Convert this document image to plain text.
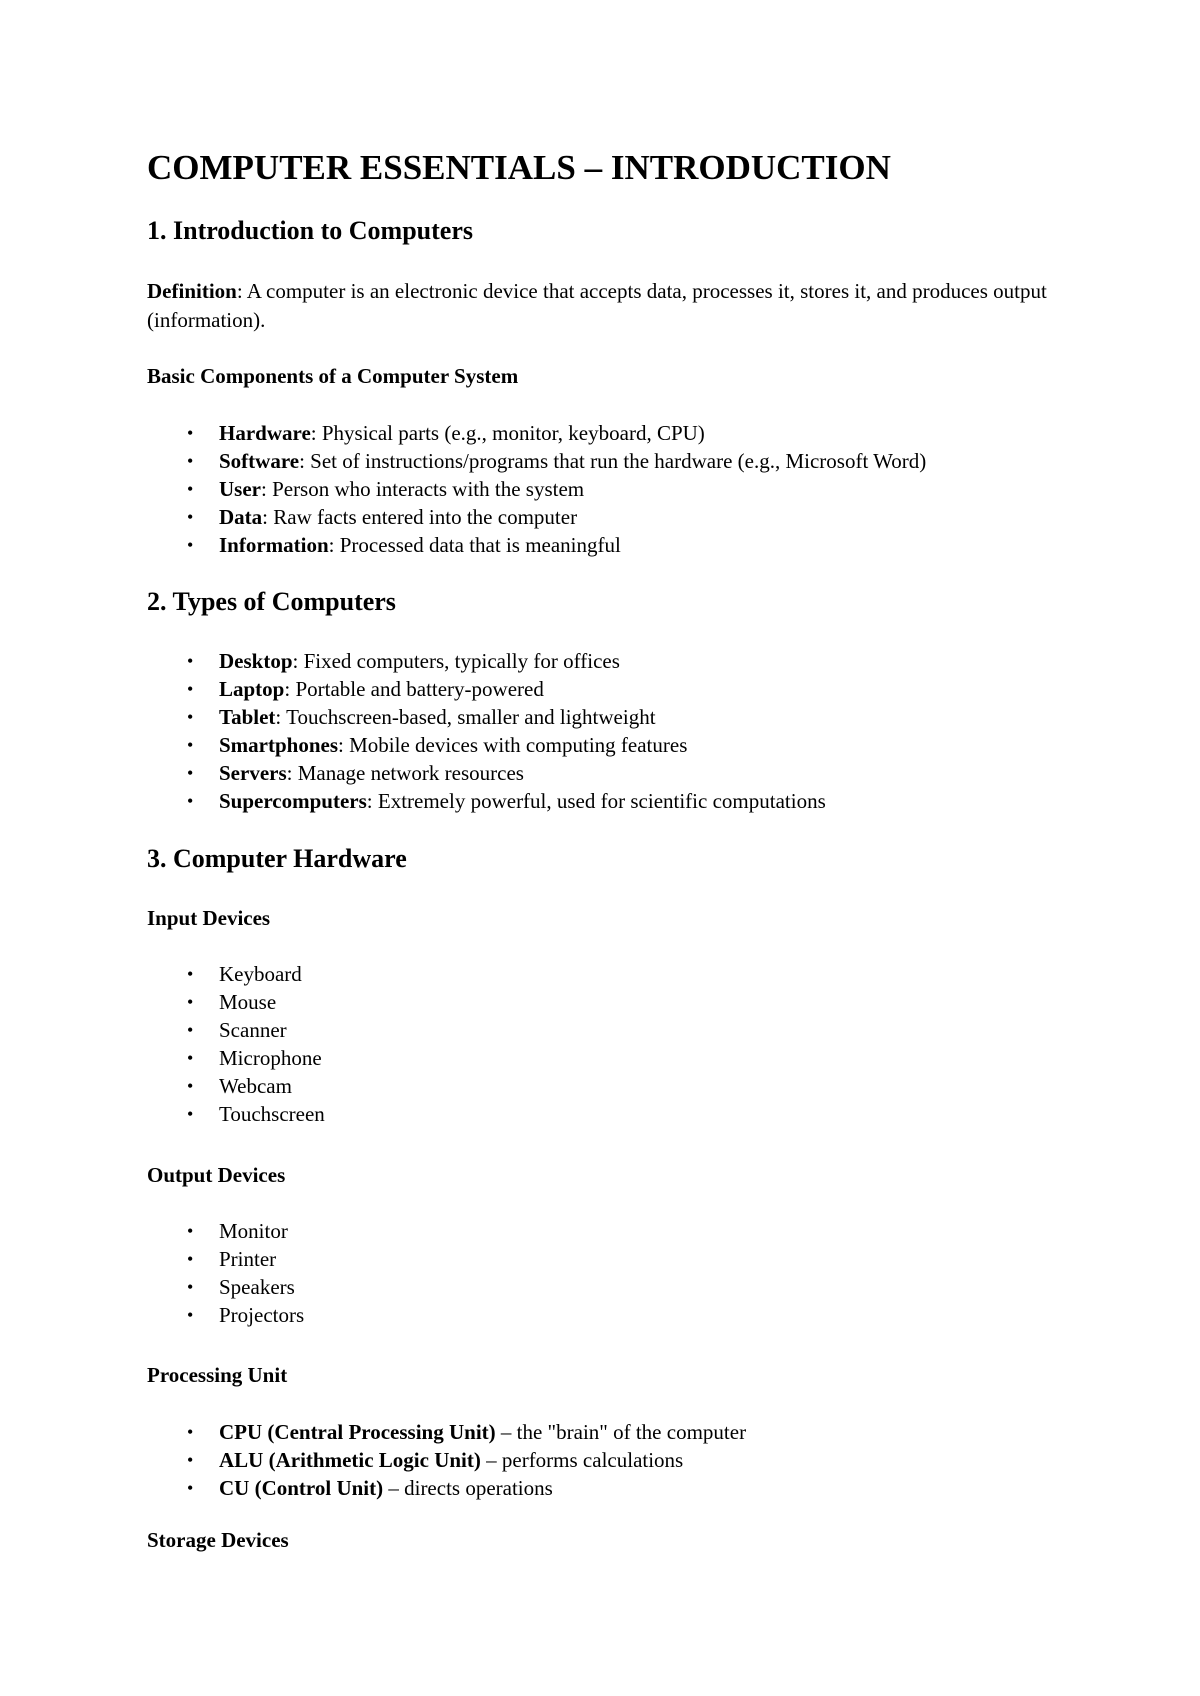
COMPUTER ESSENTIALS – INTRODUCTION
1. Introduction to Computers

Definition: A computer is an electronic device that accepts data, processes it, stores it, and produces output (information).

Basic Components of a Computer System
• Hardware: Physical parts (e.g., monitor, keyboard, CPU)
• Software: Set of instructions/programs that run the hardware (e.g., Microsoft Word)
• User: Person who interacts with the system
• Data: Raw facts entered into the computer
• Information: Processed data that is meaningful
2. Types of Computers
• Desktop: Fixed computers, typically for offices
• Laptop: Portable and battery-powered
• Tablet: Touchscreen-based, smaller and lightweight
• Smartphones: Mobile devices with computing features
• Servers: Manage network resources
• Supercomputers: Extremely powerful, used for scientific computations
3. Computer Hardware
Input Devices
• Keyboard
• Mouse
• Scanner
• Microphone
• Webcam
• Touchscreen
Output Devices
• Monitor
• Printer
• Speakers
• Projectors
Processing Unit
• CPU (Central Processing Unit) – the "brain" of the computer
• ALU (Arithmetic Logic Unit) – performs calculations
• CU (Control Unit) – directs operations
Storage Devices
